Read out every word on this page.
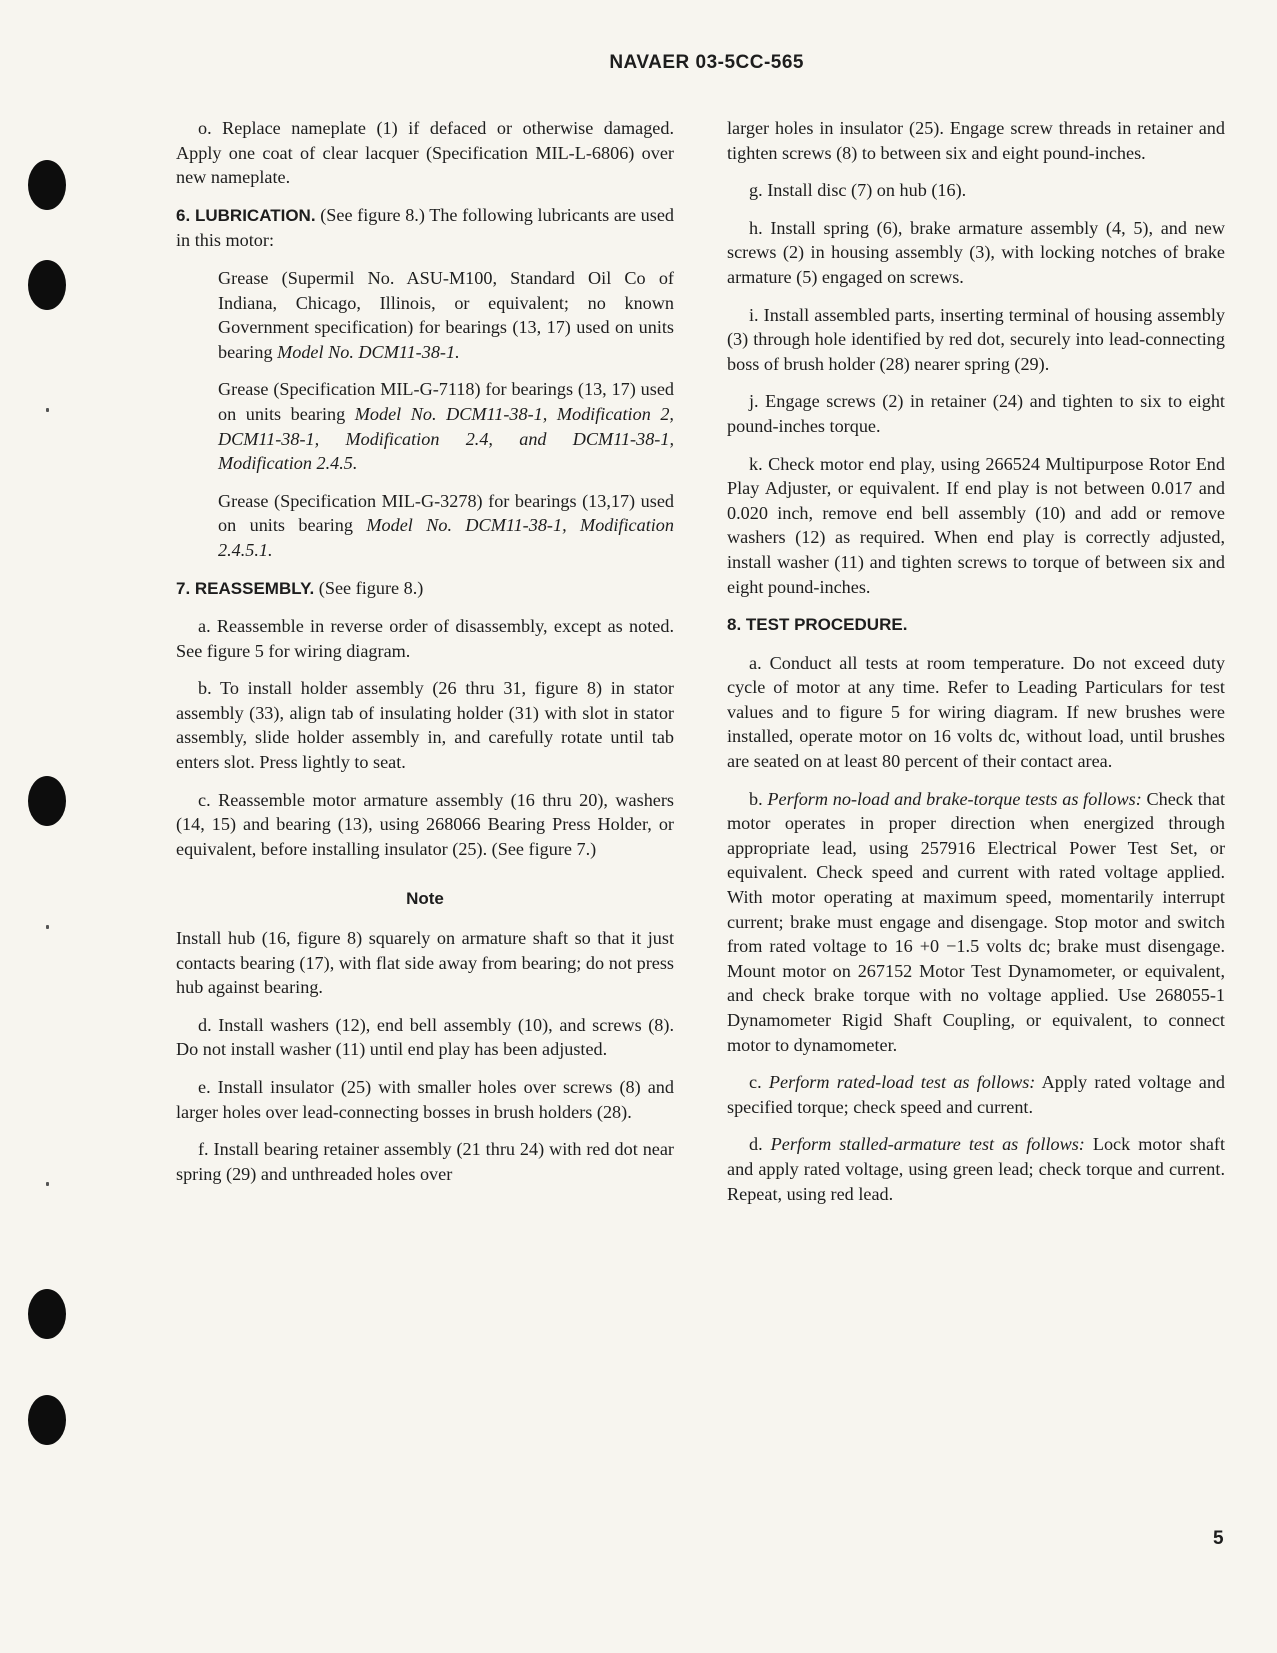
NAVAER 03-5CC-565

o. Replace nameplate (1) if defaced or otherwise damaged. Apply one coat of clear lacquer (Specification MIL-L-6806) over new nameplate.

6. LUBRICATION. (See figure 8.) The following lubricants are used in this motor:

Grease (Supermil No. ASU-M100, Standard Oil Co of Indiana, Chicago, Illinois, or equivalent; no known Government specification) for bearings (13, 17) used on units bearing Model No. DCM11-38-1.

Grease (Specification MIL-G-7118) for bearings (13, 17) used on units bearing Model No. DCM11-38-1, Modification 2, DCM11-38-1, Modification 2.4, and DCM11-38-1, Modification 2.4.5.

Grease (Specification MIL-G-3278) for bearings (13,17) used on units bearing Model No. DCM11-38-1, Modification 2.4.5.1.

7. REASSEMBLY. (See figure 8.)

a. Reassemble in reverse order of disassembly, except as noted. See figure 5 for wiring diagram.

b. To install holder assembly (26 thru 31, figure 8) in stator assembly (33), align tab of insulating holder (31) with slot in stator assembly, slide holder assembly in, and carefully rotate until tab enters slot. Press lightly to seat.

c. Reassemble motor armature assembly (16 thru 20), washers (14, 15) and bearing (13), using 268066 Bearing Press Holder, or equivalent, before installing insulator (25). (See figure 7.)

Note

Install hub (16, figure 8) squarely on armature shaft so that it just contacts bearing (17), with flat side away from bearing; do not press hub against bearing.

d. Install washers (12), end bell assembly (10), and screws (8). Do not install washer (11) until end play has been adjusted.

e. Install insulator (25) with smaller holes over screws (8) and larger holes over lead-connecting bosses in brush holders (28).

f. Install bearing retainer assembly (21 thru 24) with red dot near spring (29) and unthreaded holes over

larger holes in insulator (25). Engage screw threads in retainer and tighten screws (8) to between six and eight pound-inches.

g. Install disc (7) on hub (16).

h. Install spring (6), brake armature assembly (4, 5), and new screws (2) in housing assembly (3), with locking notches of brake armature (5) engaged on screws.

i. Install assembled parts, inserting terminal of housing assembly (3) through hole identified by red dot, securely into lead-connecting boss of brush holder (28) nearer spring (29).

j. Engage screws (2) in retainer (24) and tighten to six to eight pound-inches torque.

k. Check motor end play, using 266524 Multipurpose Rotor End Play Adjuster, or equivalent. If end play is not between 0.017 and 0.020 inch, remove end bell assembly (10) and add or remove washers (12) as required. When end play is correctly adjusted, install washer (11) and tighten screws to torque of between six and eight pound-inches.

8. TEST PROCEDURE.

a. Conduct all tests at room temperature. Do not exceed duty cycle of motor at any time. Refer to Leading Particulars for test values and to figure 5 for wiring diagram. If new brushes were installed, operate motor on 16 volts dc, without load, until brushes are seated on at least 80 percent of their contact area.

b. Perform no-load and brake-torque tests as follows: Check that motor operates in proper direction when energized through appropriate lead, using 257916 Electrical Power Test Set, or equivalent. Check speed and current with rated voltage applied. With motor operating at maximum speed, momentarily interrupt current; brake must engage and disengage. Stop motor and switch from rated voltage to 16 +0 −1.5 volts dc; brake must disengage. Mount motor on 267152 Motor Test Dynamometer, or equivalent, and check brake torque with no voltage applied. Use 268055-1 Dynamometer Rigid Shaft Coupling, or equivalent, to connect motor to dynamometer.

c. Perform rated-load test as follows: Apply rated voltage and specified torque; check speed and current.

d. Perform stalled-armature test as follows: Lock motor shaft and apply rated voltage, using green lead; check torque and current. Repeat, using red lead.

5
